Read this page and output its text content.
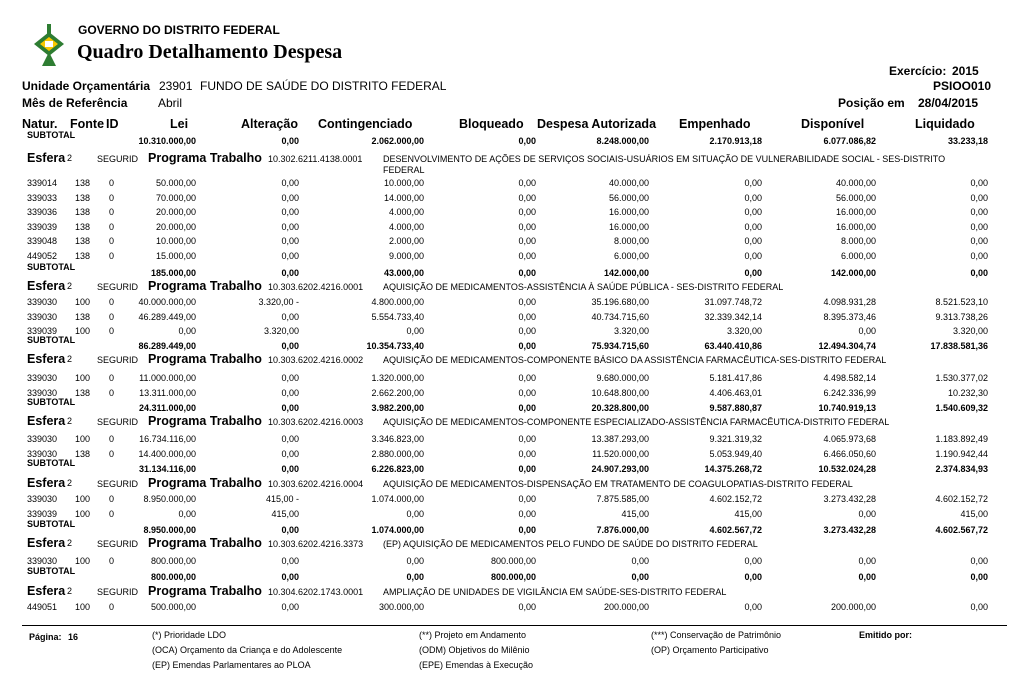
GOVERNO DO DISTRITO FEDERAL
Quadro Detalhamento Despesa
Exercício: 2015
PSIOO010
Unidade Orçamentária 23901 FUNDO DE SAÚDE DO DISTRITO FEDERAL
Mês de Referência	Abril	Posição em 28/04/2015
Natur. Fonte ID	Lei	Alteração Contingenciado	Bloqueado Despesa Autorizada Empenhado	Disponível	Liquidado
SUBTOTAL
10.310.000,00	0,00	2.062.000,00	0,00	8.248.000,00	2.170.913,18	6.077.086,82	33.233,18
Esfera 2	SEGURID Programa Trabalho 10.302.6211.4138.0001 DESENVOLVIMENTO DE AÇÕES DE SERVIÇOS SOCIAIS-USUÁRIOS EM SITUAÇÃO DE VULNERABILIDADE SOCIAL - SES-DISTRITO
FEDERAL
339014 138 0	50.000,00	0,00	10.000,00	0,00	40.000,00	0,00	40.000,00	0,00
339033 138 0	70.000,00	0,00	14.000,00	0,00	56.000,00	0,00	56.000,00	0,00
339036 138 0	20.000,00	0,00	4.000,00	0,00	16.000,00	0,00	16.000,00	0,00
339039 138 0	20.000,00	0,00	4.000,00	0,00	16.000,00	0,00	16.000,00	0,00
339048 138 0	10.000,00	0,00	2.000,00	0,00	8.000,00	0,00	8.000,00	0,00
449052 138 0	15.000,00	0,00	9.000,00	0,00	6.000,00	0,00	6.000,00	0,00
SUBTOTAL
185.000,00	0,00	43.000,00	0,00	142.000,00	0,00	142.000,00	0,00
Esfera 2	SEGURID Programa Trabalho 10.303.6202.4216.0001 AQUISIÇÃO DE MEDICAMENTOS-ASSISTÊNCIA À SAÚDE PÚBLICA - SES-DISTRITO FEDERAL
339030 100 0	40.000.000,00	3.320,00 -	4.800.000,00	0,00	35.196.680,00	31.097.748,72	4.098.931,28	8.521.523,10
339030 138 0	46.289.449,00	0,00	5.554.733,40	0,00	40.734.715,60	32.339.342,14	8.395.373,46	9.313.738,26
339039 100 0	0,00	3.320,00	0,00	0,00	3.320,00	3.320,00	0,00	3.320,00
SUBTOTAL
86.289.449,00	0,00	10.354.733,40	0,00	75.934.715,60	63.440.410,86	12.494.304,74	17.838.581,36
Esfera 2	SEGURID Programa Trabalho 10.303.6202.4216.0002 AQUISIÇÃO DE MEDICAMENTOS-COMPONENTE BÁSICO DA ASSISTÊNCIA FARMACÊUTICA-SES-DISTRITO FEDERAL
339030 100 0	11.000.000,00	0,00	1.320.000,00	0,00	9.680.000,00	5.181.417,86	4.498.582,14	1.530.377,02
339030 138 0	13.311.000,00	0,00	2.662.200,00	0,00	10.648.800,00	4.406.463,01	6.242.336,99	10.232,30
SUBTOTAL
24.311.000,00	0,00	3.982.200,00	0,00	20.328.800,00	9.587.880,87	10.740.919,13	1.540.609,32
Esfera 2	SEGURID Programa Trabalho 10.303.6202.4216.0003 AQUISIÇÃO DE MEDICAMENTOS-COMPONENTE ESPECIALIZADO-ASSISTÊNCIA FARMACÊUTICA-DISTRITO FEDERAL
339030 100 0	16.734.116,00	0,00	3.346.823,00	0,00	13.387.293,00	9.321.319,32	4.065.973,68	1.183.892,49
339030 138 0	14.400.000,00	0,00	2.880.000,00	0,00	11.520.000,00	5.053.949,40	6.466.050,60	1.190.942,44
SUBTOTAL
31.134.116,00	0,00	6.226.823,00	0,00	24.907.293,00	14.375.268,72	10.532.024,28	2.374.834,93
Esfera 2	SEGURID Programa Trabalho 10.303.6202.4216.0004 AQUISIÇÃO DE MEDICAMENTOS-DISPENSAÇÃO EM TRATAMENTO DE COAGULOPATIAS-DISTRITO FEDERAL
339030 100 0	8.950.000,00	415,00 -	1.074.000,00	0,00	7.875.585,00	4.602.152,72	3.273.432,28	4.602.152,72
339039 100 0	0,00	415,00	0,00	0,00	415,00	415,00	0,00	415,00
SUBTOTAL
8.950.000,00	0,00	1.074.000,00	0,00	7.876.000,00	4.602.567,72	3.273.432,28	4.602.567,72
Esfera 2	SEGURID Programa Trabalho 10.303.6202.4216.3373 (EP) AQUISIÇÃO DE MEDICAMENTOS PELO FUNDO DE SAÚDE DO DISTRITO FEDERAL
339030 100 0	800.000,00	0,00	0,00	800.000,00	0,00	0,00	0,00	0,00
SUBTOTAL
800.000,00	0,00	0,00	800.000,00	0,00	0,00	0,00	0,00
Esfera 2	SEGURID Programa Trabalho 10.304.6202.1743.0001 AMPLIAÇÃO DE UNIDADES DE VIGILÂNCIA EM SAÚDE-SES-DISTRITO FEDERAL
449051 100 0	500.000,00	0,00	300.000,00	0,00	200.000,00	0,00	200.000,00	0,00
Página: 16	(*) Prioridade LDO	(**) Projeto em Andamento	(***) Conservação de Patrimônio	Emitido por:
(OCA) Orçamento da Criança e do Adolescente	(ODM) Objetivos do Milênio	(OP) Orçamento Participativo
(EP) Emendas Parlamentares ao PLOA	(EPE) Emendas à Execução
